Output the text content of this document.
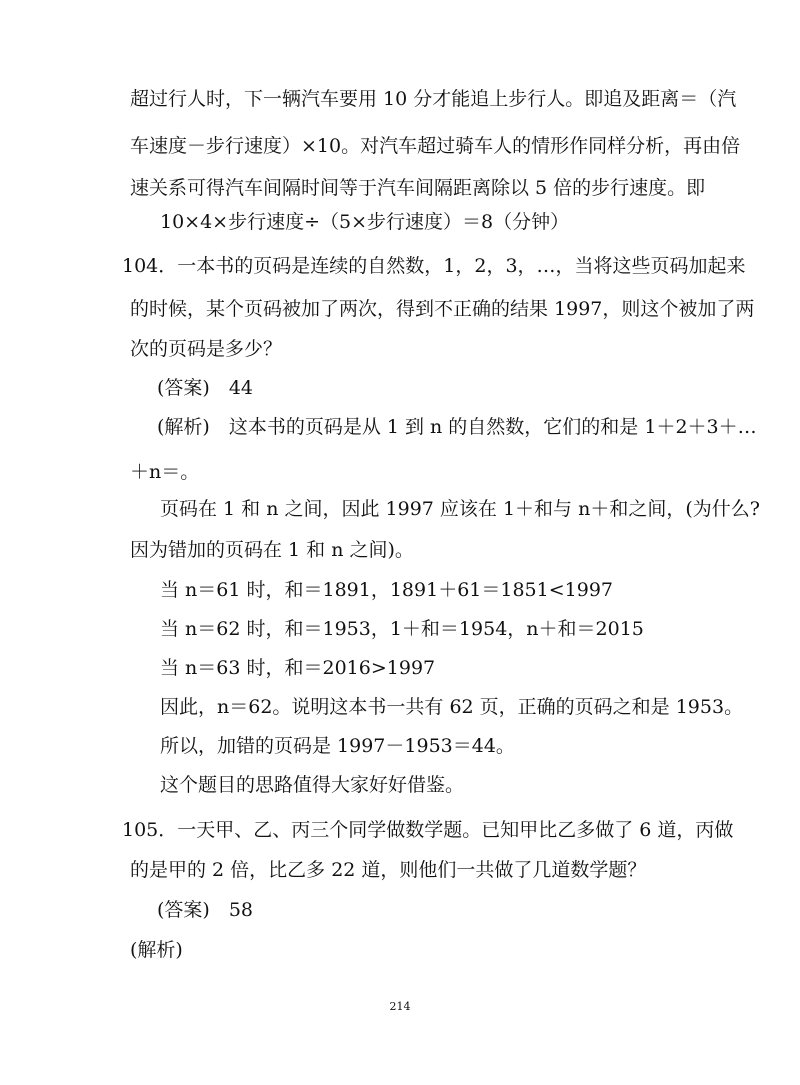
超过行人时，下一辆汽车要用 10 分才能追上步行人。即追及距离＝（汽
车速度－步行速度）×10。对汽车超过骑车人的情形作同样分析，再由倍
速关系可得汽车间隔时间等于汽车间隔距离除以 5 倍的步行速度。即
10×4×步行速度÷（5×步行速度）＝8（分钟）
104．一本书的页码是连续的自然数，1，2，3，…，当将这些页码加起来
的时候，某个页码被加了两次，得到不正确的结果 1997，则这个被加了两
次的页码是多少？
(答案)　44
(解析)　这本书的页码是从 1 到 n 的自然数，它们的和是 1＋2＋3＋…
＋n＝。
页码在 1 和 n 之间，因此 1997 应该在 1＋和与 n＋和之间，(为什么?
因为错加的页码在 1 和 n 之间)。
当 n＝61 时，和＝1891，1891＋61＝1851<1997
当 n＝62 时，和＝1953，1＋和＝1954，n＋和＝2015
当 n＝63 时，和＝2016>1997
因此，n＝62。说明这本书一共有 62 页，正确的页码之和是 1953。
所以，加错的页码是 1997－1953＝44。
这个题目的思路值得大家好好借鉴。
105．一天甲、乙、丙三个同学做数学题。已知甲比乙多做了 6 道，丙做
的是甲的 2 倍，比乙多 22 道，则他们一共做了几道数学题？
(答案)　58
(解析)
214
